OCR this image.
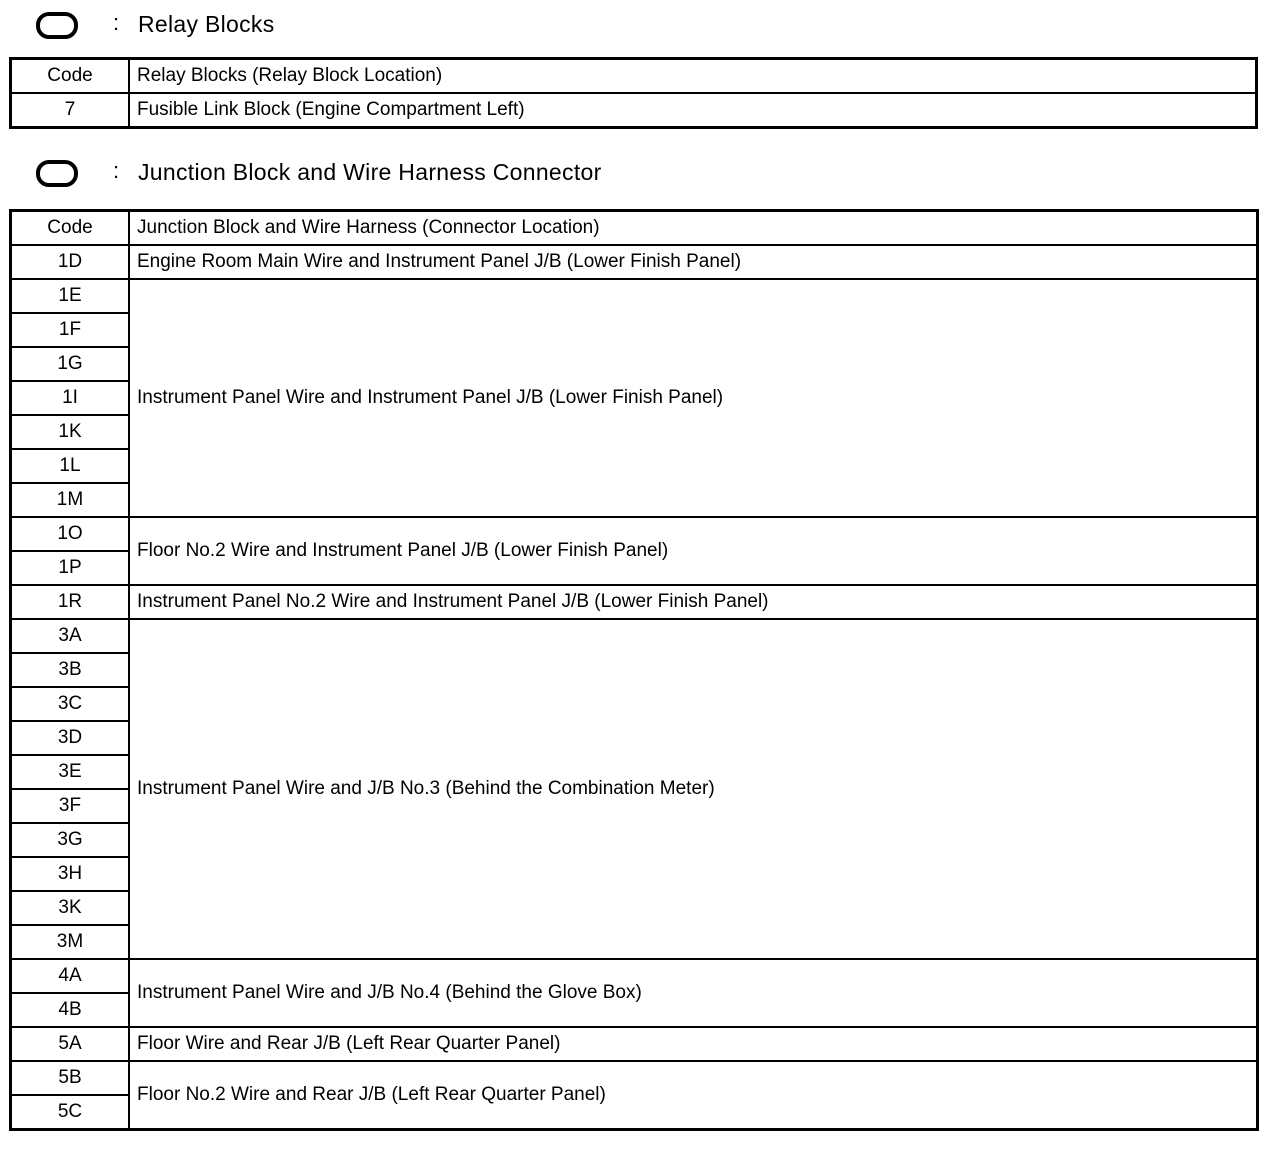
: Relay Blocks
Code	Relay Blocks (Relay Block Location)
7	Fusible Link Block (Engine Compartment Left)
: Junction Block and Wire Harness Connector
Code	Junction Block and Wire Harness (Connector Location)
1D	Engine Room Main Wire and Instrument Panel J/B (Lower Finish Panel)
1E	Instrument Panel Wire and Instrument Panel J/B (Lower Finish Panel)
1F	
1G	
1I	
1K	
1L	
1M	
1O	Floor No.2 Wire and Instrument Panel J/B (Lower Finish Panel)
1P	
1R	Instrument Panel No.2 Wire and Instrument Panel J/B (Lower Finish Panel)
3A	Instrument Panel Wire and J/B No.3 (Behind the Combination Meter)
3B	
3C	
3D	
3E	
3F	
3G	
3H	
3K	
3M	
4A	Instrument Panel Wire and J/B No.4 (Behind the Glove Box)
4B	
5A	Floor Wire and Rear J/B (Left Rear Quarter Panel)
5B	Floor No.2 Wire and Rear J/B (Left Rear Quarter Panel)
5C	
